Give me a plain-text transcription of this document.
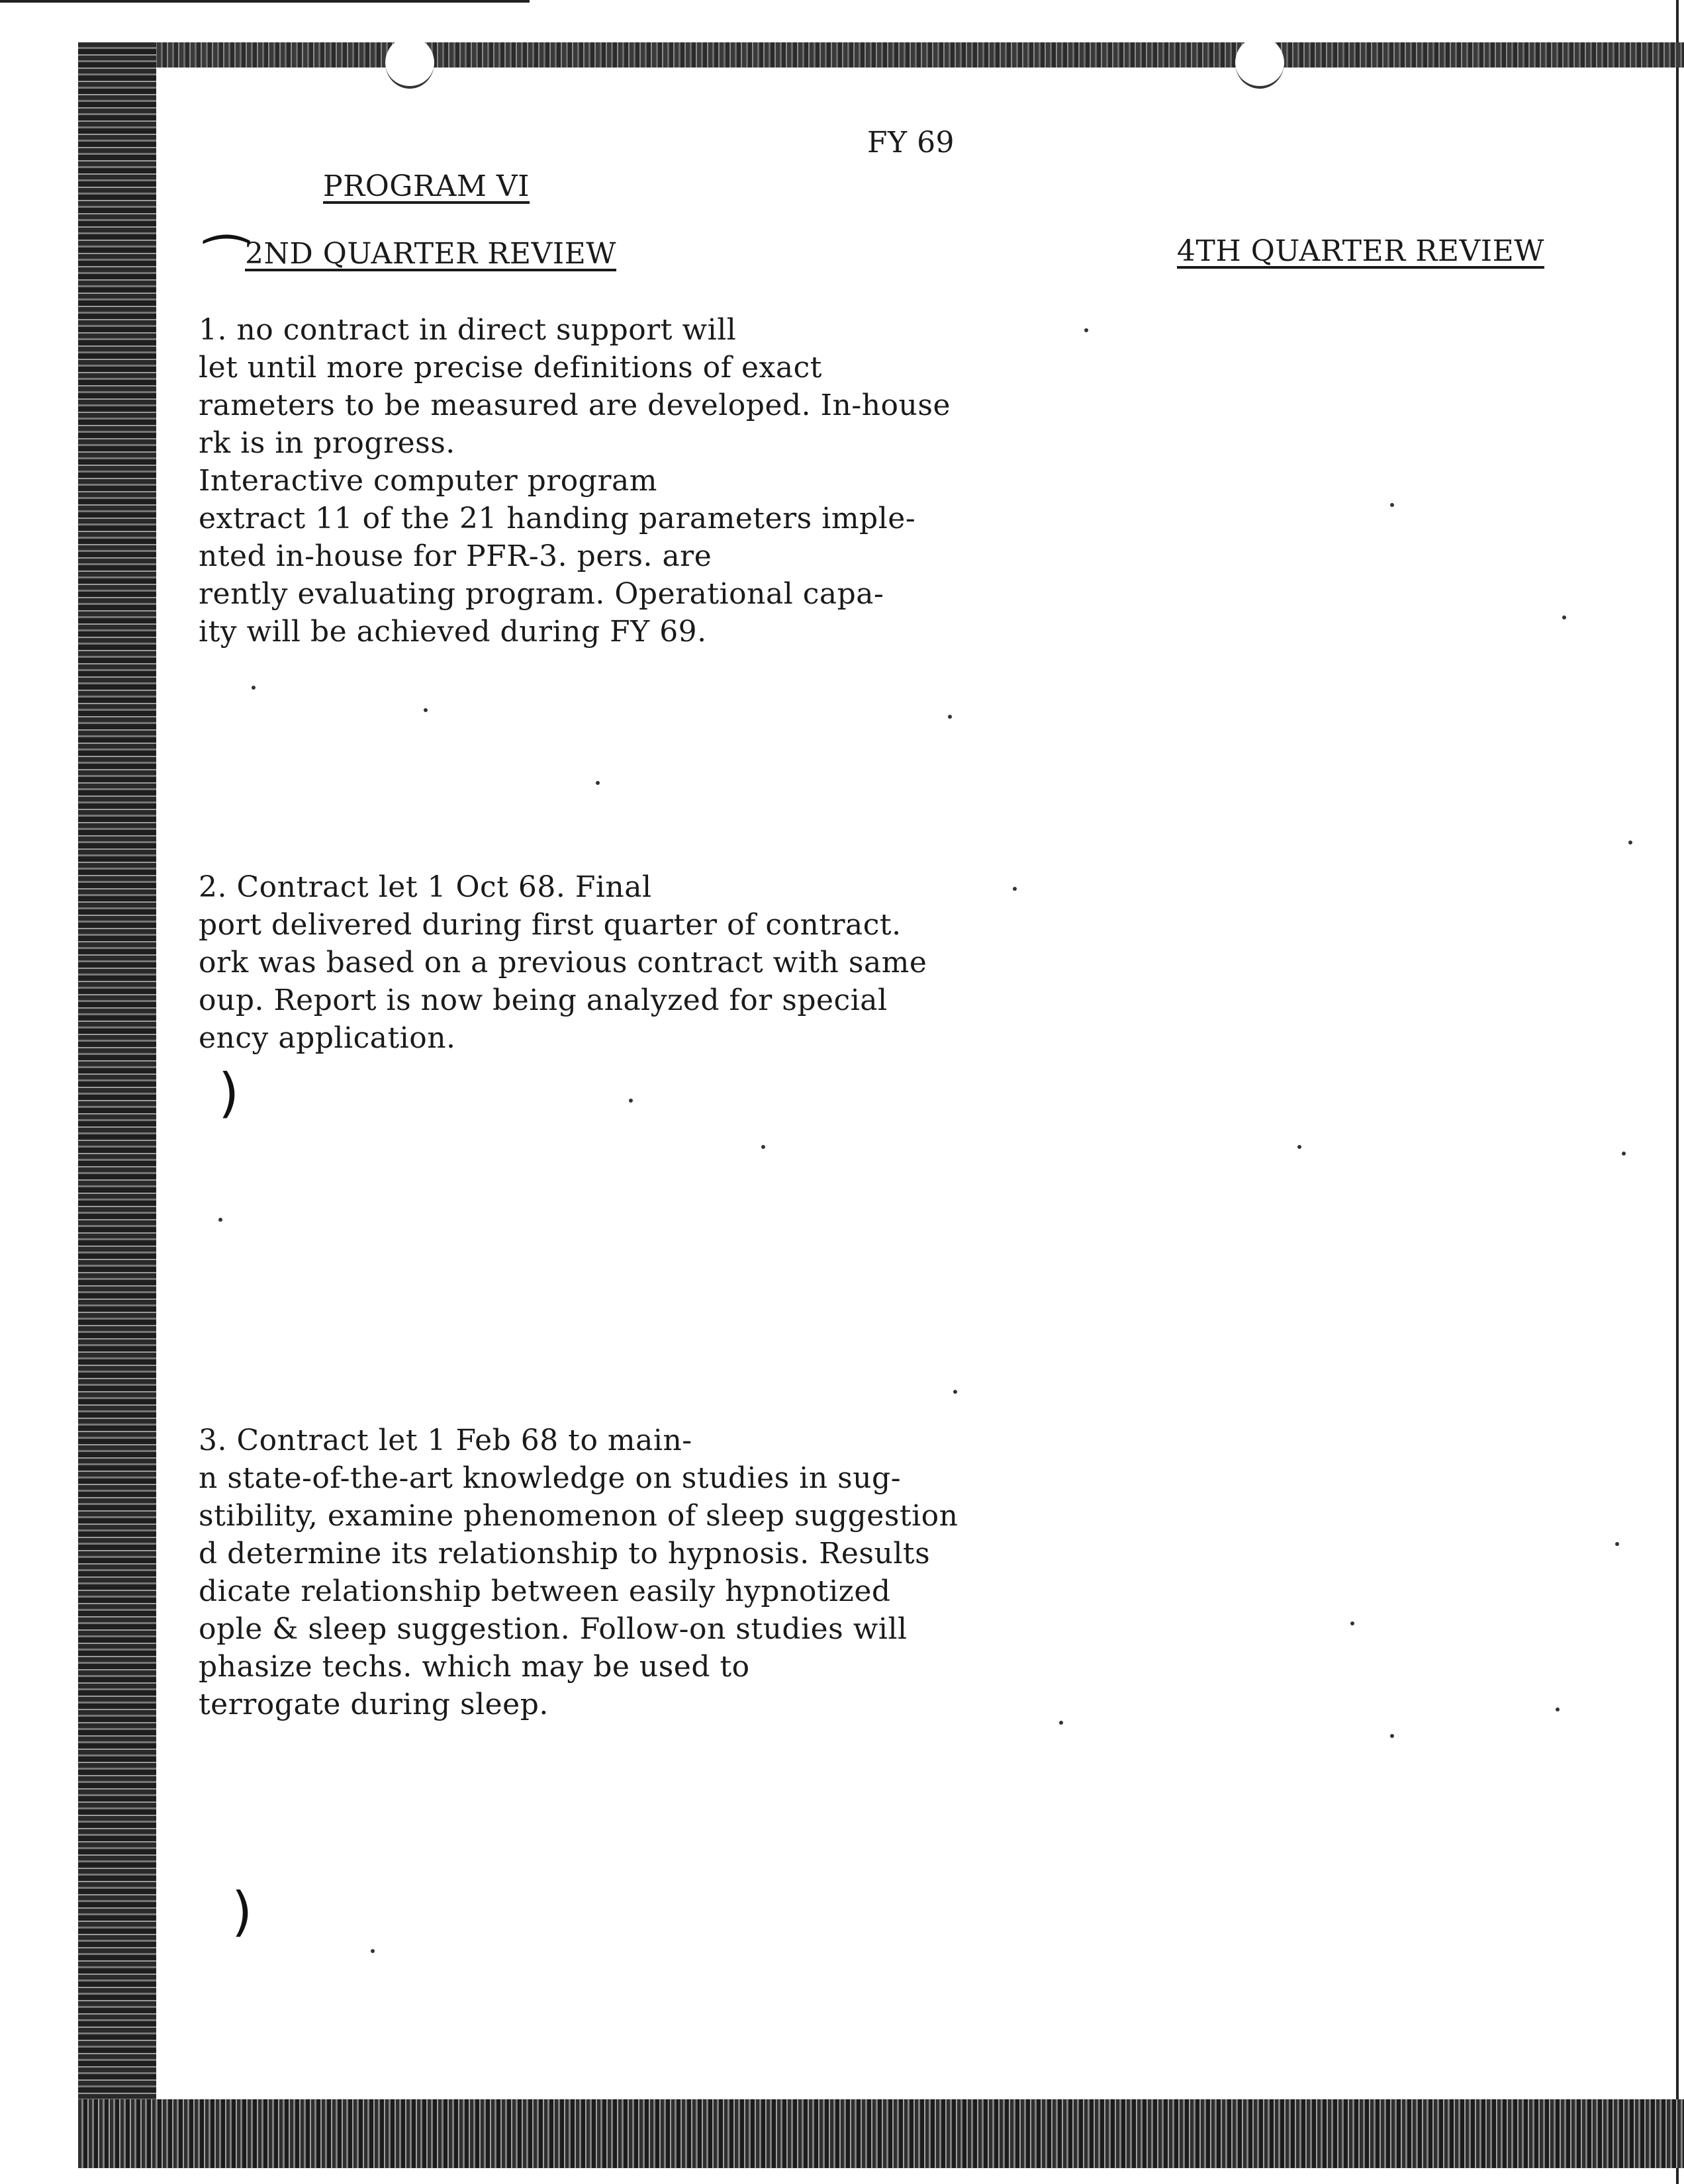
FY 69
PROGRAM VI
2ND QUARTER REVIEW	4TH QUARTER REVIEW
⁀
)
)
1. no contract in direct support will
let until more precise definitions of exact
rameters to be measured are developed. In-house
rk is in progress.
Interactive computer program
extract 11 of the 21 handing parameters imple-
nted in-house for PFR-3. pers. are
rently evaluating program. Operational capa-
ity will be achieved during FY 69.
2. Contract let 1 Oct 68. Final
port delivered during first quarter of contract.
ork was based on a previous contract with same
oup. Report is now being analyzed for special
ency application.
3. Contract let 1 Feb 68 to main-
n state-of-the-art knowledge on studies in sug-
stibility, examine phenomenon of sleep suggestion
d determine its relationship to hypnosis. Results
dicate relationship between easily hypnotized
ople & sleep suggestion. Follow-on studies will
phasize techs. which may be used to
terrogate during sleep.
